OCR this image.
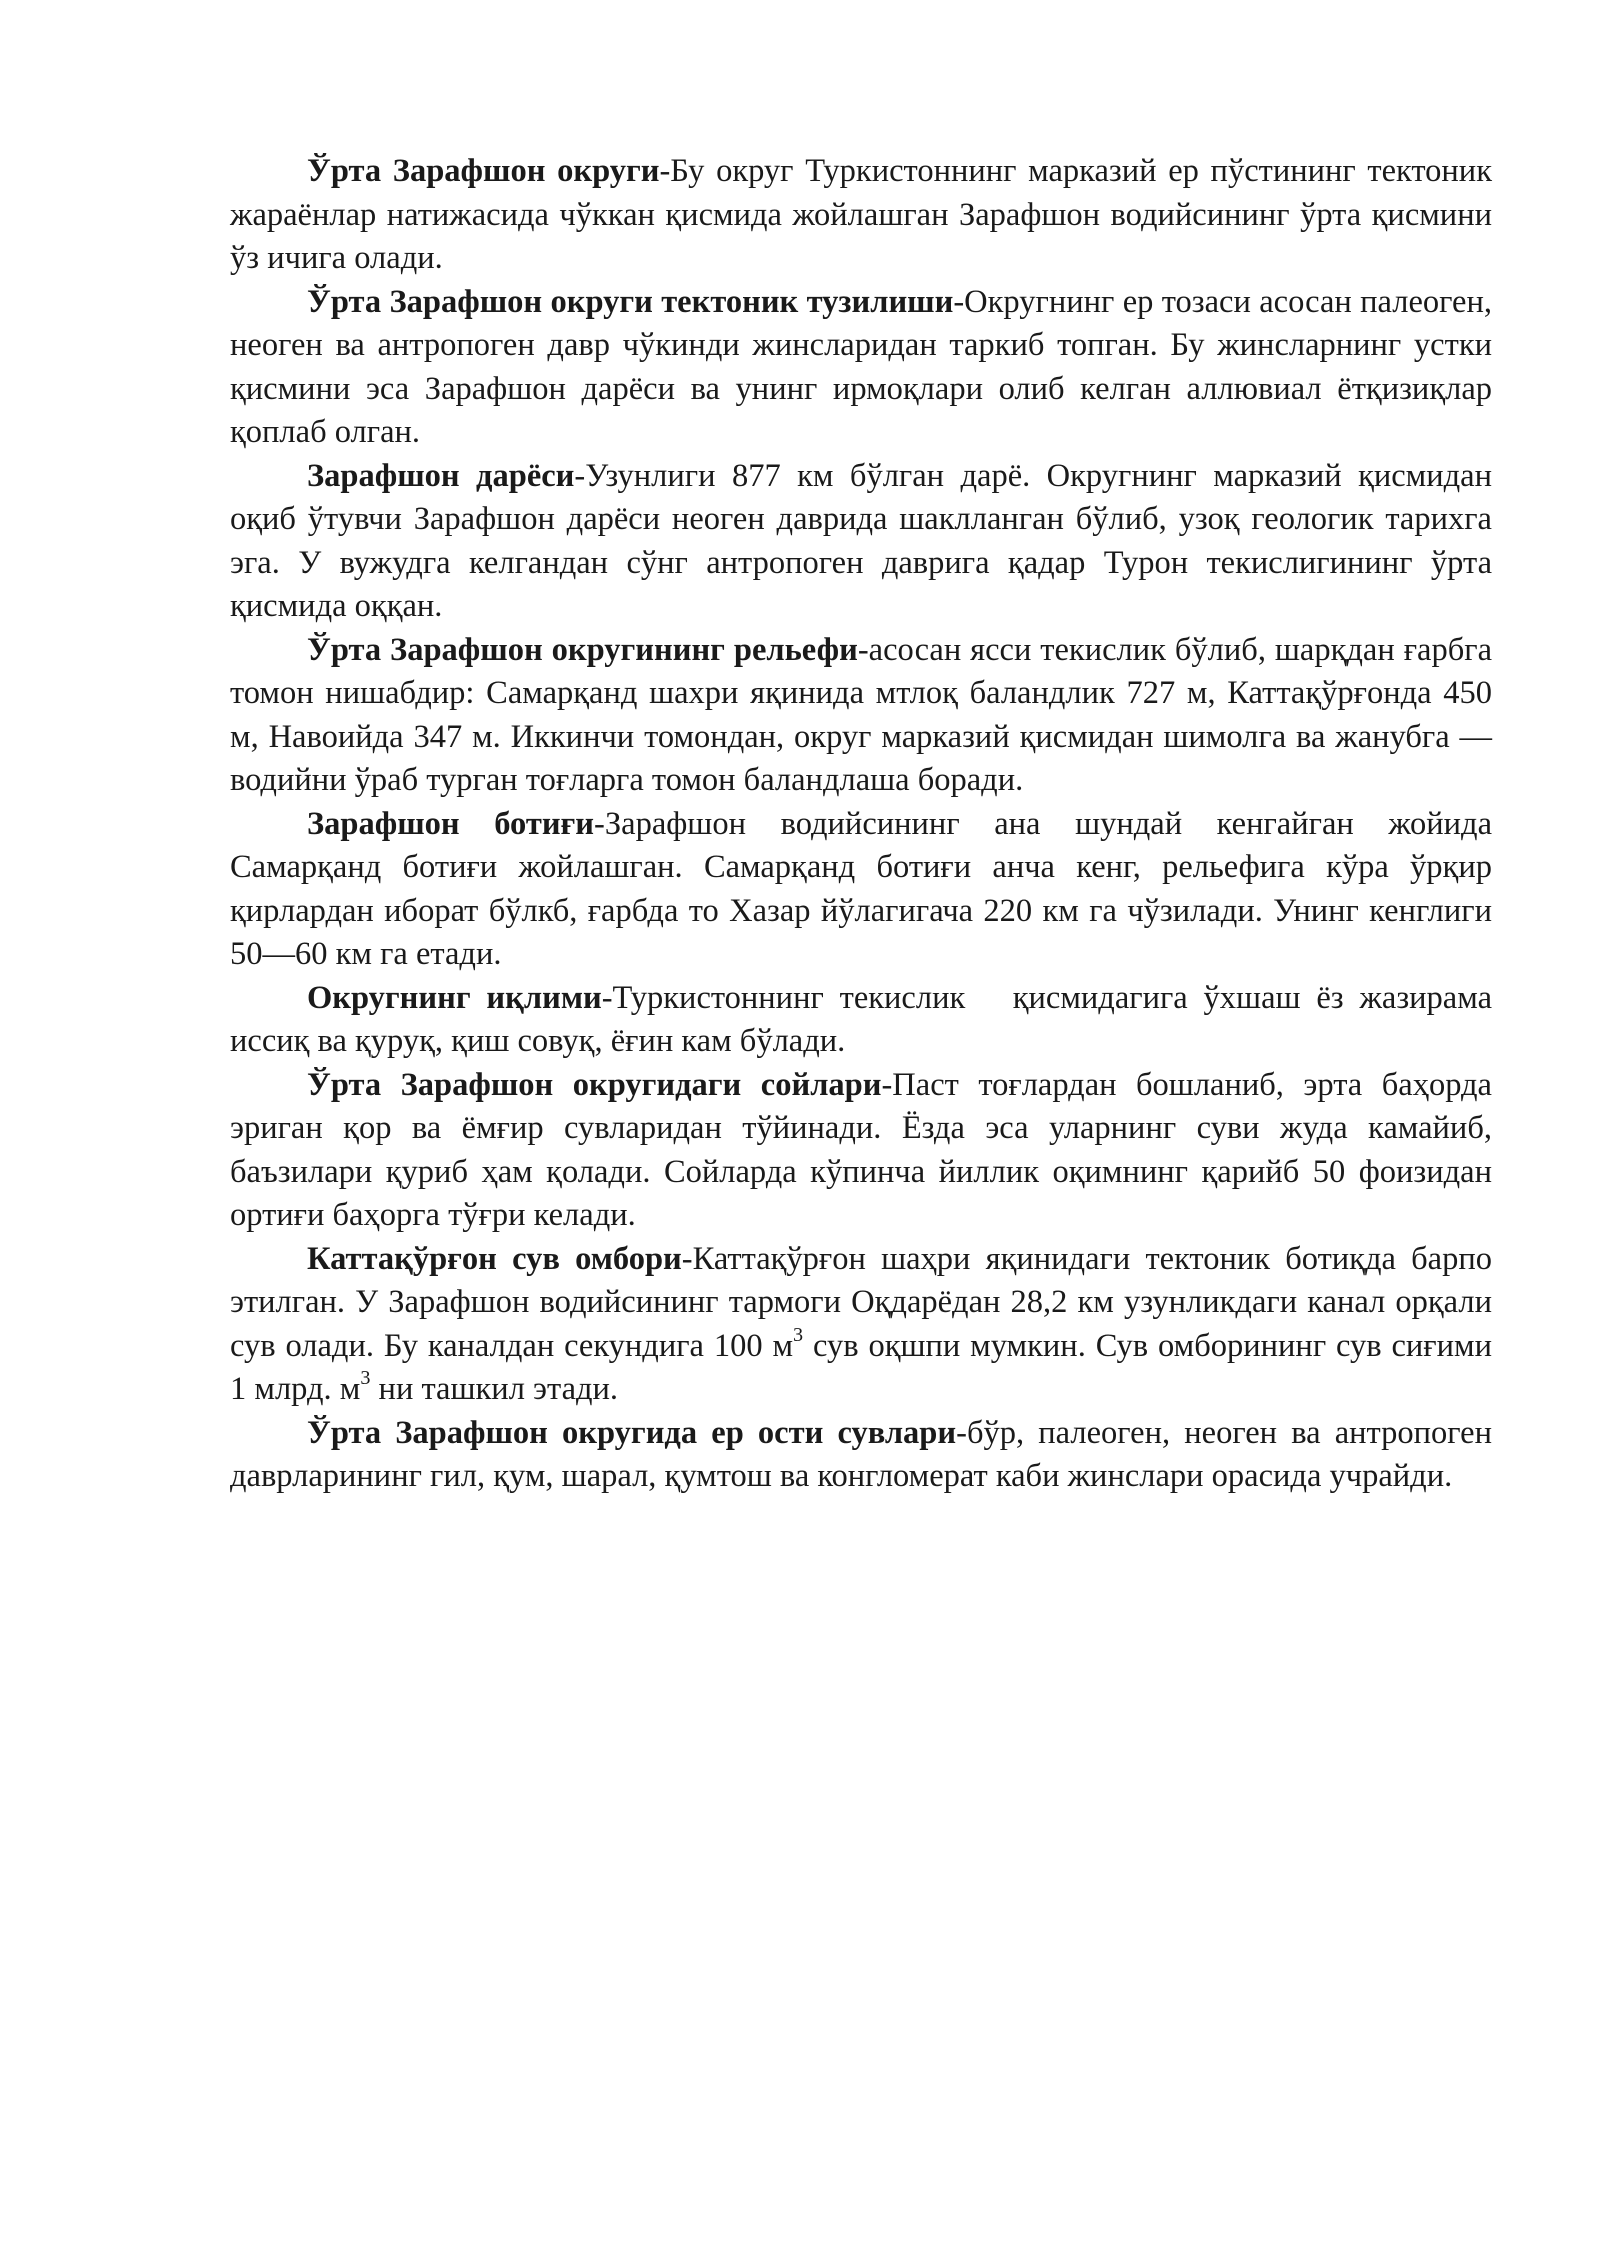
Ўрта Зарафшон округи-Бу округ Туркистоннинг марказий ер пўстининг тектоник жараёнлар натижасида чўккан қисмида жойлашган Зарафшон водийсининг ўрта қисмини ўз ичига олади.

Ўрта Зарафшон округи тектоник тузилиши-Округнинг ер тозаси асосан палеоген, неоген ва антропоген давр чўкинди жинсларидан таркиб топган. Бу жинсларнинг устки қисмини эса Зарафшон дарёси ва унинг ирмоқлари олиб келган аллювиал ётқизиқлар қоплаб олган.

Зарафшон дарёси-Узунлиги 877 км бўлган дарё. Округнинг марказий қисмидан оқиб ўтувчи Зарафшон дарёси неоген даврида шаклланган бўлиб, узоқ геологик тарихга эга. У вужудга келгандан сўнг антропоген даврига қадар Турон текислигининг ўрта қисмида оққан.

Ўрта Зарафшон округининг рельефи-асосан ясси текислик бўлиб, шарқдан ғарбга томон нишабдир: Самарқанд шахри яқинида мтлоқ баландлик 727 м, Каттақўрғонда 450 м, Навоийда 347 м. Иккинчи томондан, округ марказий қисмидан шимолга ва жанубга — водийни ўраб турган тоғларга томон баландлаша боради.

Зарафшон ботиғи-Зарафшон водийсининг ана шундай кенгайган жойида Самарқанд ботиғи жойлашган. Самарқанд ботиғи анча кенг, рельефига кўра ўрқир қирлардан иборат бўлкб, ғарбда то Хазар йўлагигача 220 км га чўзилади. Унинг кенглиги 50—60 км га етади.

Округнинг иқлими-Туркистоннинг текислик   қисмидагига ўхшаш ёз жазирама иссиқ ва қуруқ, қиш совуқ, ёғин кам бўлади.

Ўрта Зарафшон округидаги сойлари-Паст тоғлардан бошланиб, эрта баҳорда эриган қор ва ёмғир сувларидан тўйинади. Ёзда эса уларнинг суви жуда камайиб, баъзилари қуриб ҳам қолади. Сойларда кўпинча йиллик оқимнинг қарийб 50 фоизидан ортиғи баҳорга тўғри келади.

Каттақўрғон сув омбори-Каттақўрғон шаҳри яқинидаги тектоник ботиқда барпо этилган. У Зарафшон водийсининг тармоги Оқдарёдан 28,2 км узунликдаги канал орқали сув олади. Бу каналдан секундига 100 $м^3$ сув оқшпи мумкин. Сув омборининг сув сиғими 1 млрд. $м^3$ ни ташкил этади.

Ўрта Зарафшон округида ер ости сувлари-бўр, палеоген, неоген ва антропоген даврларининг гил, қум, шарал, қумтош ва конгломерат каби жинслари орасида учрайди.
